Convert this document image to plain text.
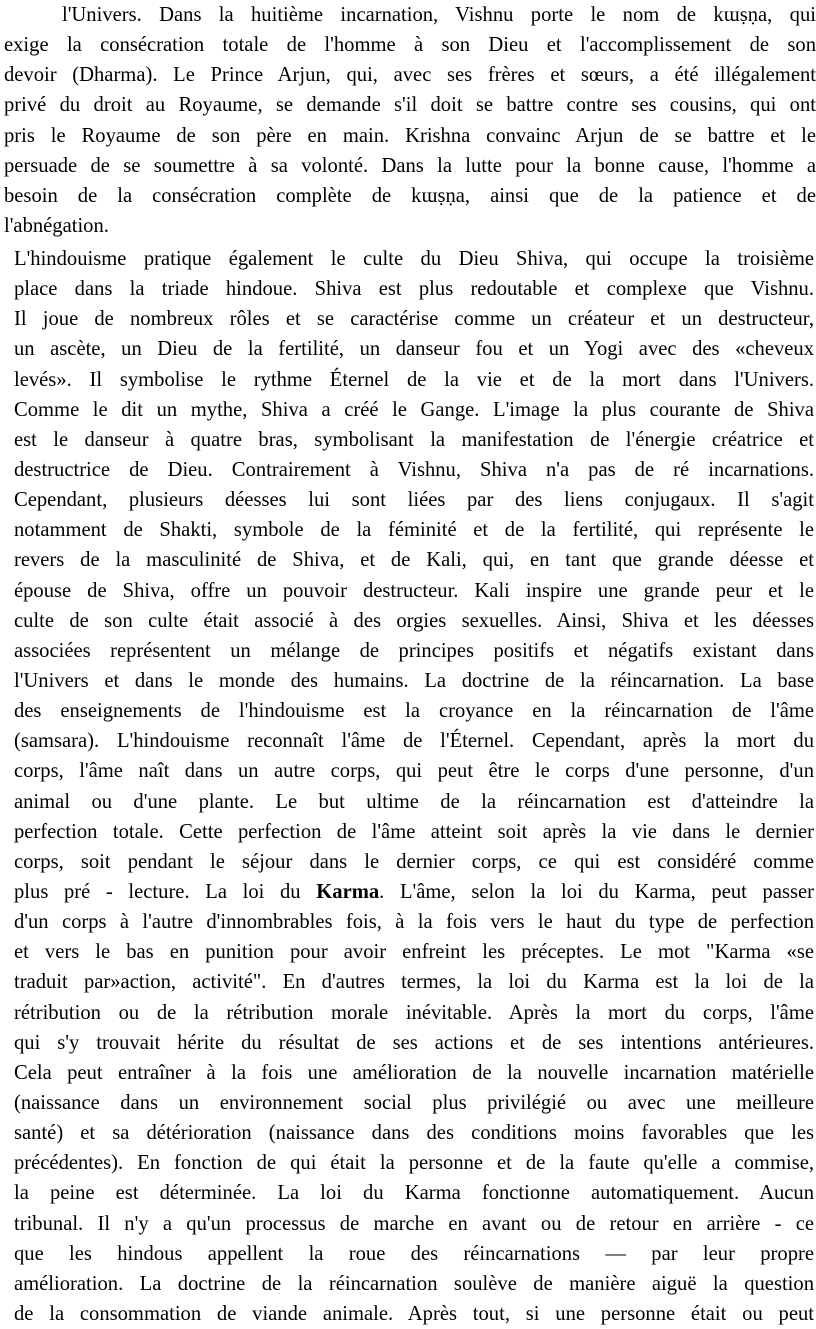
l'Univers. Dans la huitième incarnation, Vishnu porte le nom de kɯṣṇa, qui
exige la consécration totale de l'homme à son Dieu et l'accomplissement de son
devoir (Dharma). Le Prince Arjun, qui, avec ses frères et sœurs, a été illégalement
privé du droit au Royaume, se demande s'il doit se battre contre ses cousins, qui ont
pris le Royaume de son père en main. Krishna convainc Arjun de se battre et le
persuade de se soumettre à sa volonté. Dans la lutte pour la bonne cause, l'homme a
besoin de la consécration complète de kɯṣṇa, ainsi que de la patience et de
l'abnégation.
L'hindouisme pratique également le culte du Dieu Shiva, qui occupe la troisième
place dans la triade hindoue. Shiva est plus redoutable et complexe que Vishnu.
Il joue de nombreux rôles et se caractérise comme un créateur et un destructeur,
un ascète, un Dieu de la fertilité, un danseur fou et un Yogi avec des «cheveux
levés». Il symbolise le rythme Éternel de la vie et de la mort dans l'Univers.
Comme le dit un mythe, Shiva a créé le Gange. L'image la plus courante de Shiva
est le danseur à quatre bras, symbolisant la manifestation de l'énergie créatrice et
destructrice de Dieu. Contrairement à Vishnu, Shiva n'a pas de ré incarnations.
Cependant, plusieurs déesses lui sont liées par des liens conjugaux. Il s'agit
notamment de Shakti, symbole de la féminité et de la fertilité, qui représente le
revers de la masculinité de Shiva, et de Kali, qui, en tant que grande déesse et
épouse de Shiva, offre un pouvoir destructeur. Kali inspire une grande peur et le
culte de son culte était associé à des orgies sexuelles. Ainsi, Shiva et les déesses
associées représentent un mélange de principes positifs et négatifs existant dans
l'Univers et dans le monde des humains. La doctrine de la réincarnation. La base
des enseignements de l'hindouisme est la croyance en la réincarnation de l'âme
(samsara). L'hindouisme reconnaît l'âme de l'Éternel. Cependant, après la mort du
corps, l'âme naît dans un autre corps, qui peut être le corps d'une personne, d'un
animal ou d'une plante. Le but ultime de la réincarnation est d'atteindre la
perfection totale. Cette perfection de l'âme atteint soit après la vie dans le dernier
corps, soit pendant le séjour dans le dernier corps, ce qui est considéré comme
plus pré - lecture. La loi du Karma. L'âme, selon la loi du Karma, peut passer
d'un corps à l'autre d'innombrables fois, à la fois vers le haut du type de perfection
et vers le bas en punition pour avoir enfreint les préceptes. Le mot "Karma «se
traduit par»action, activité". En d'autres termes, la loi du Karma est la loi de la
rétribution ou de la rétribution morale inévitable. Après la mort du corps, l'âme
qui s'y trouvait hérite du résultat de ses actions et de ses intentions antérieures.
Cela peut entraîner à la fois une amélioration de la nouvelle incarnation matérielle
(naissance dans un environnement social plus privilégié ou avec une meilleure
santé) et sa détérioration (naissance dans des conditions moins favorables que les
précédentes). En fonction de qui était la personne et de la faute qu'elle a commise,
la peine est déterminée. La loi du Karma fonctionne automatiquement. Aucun
tribunal. Il n'y a qu'un processus de marche en avant ou de retour en arrière - ce
que les hindous appellent la roue des réincarnations — par leur propre
amélioration. La doctrine de la réincarnation soulève de manière aiguë la question
de la consommation de viande animale. Après tout, si une personne était ou peut
